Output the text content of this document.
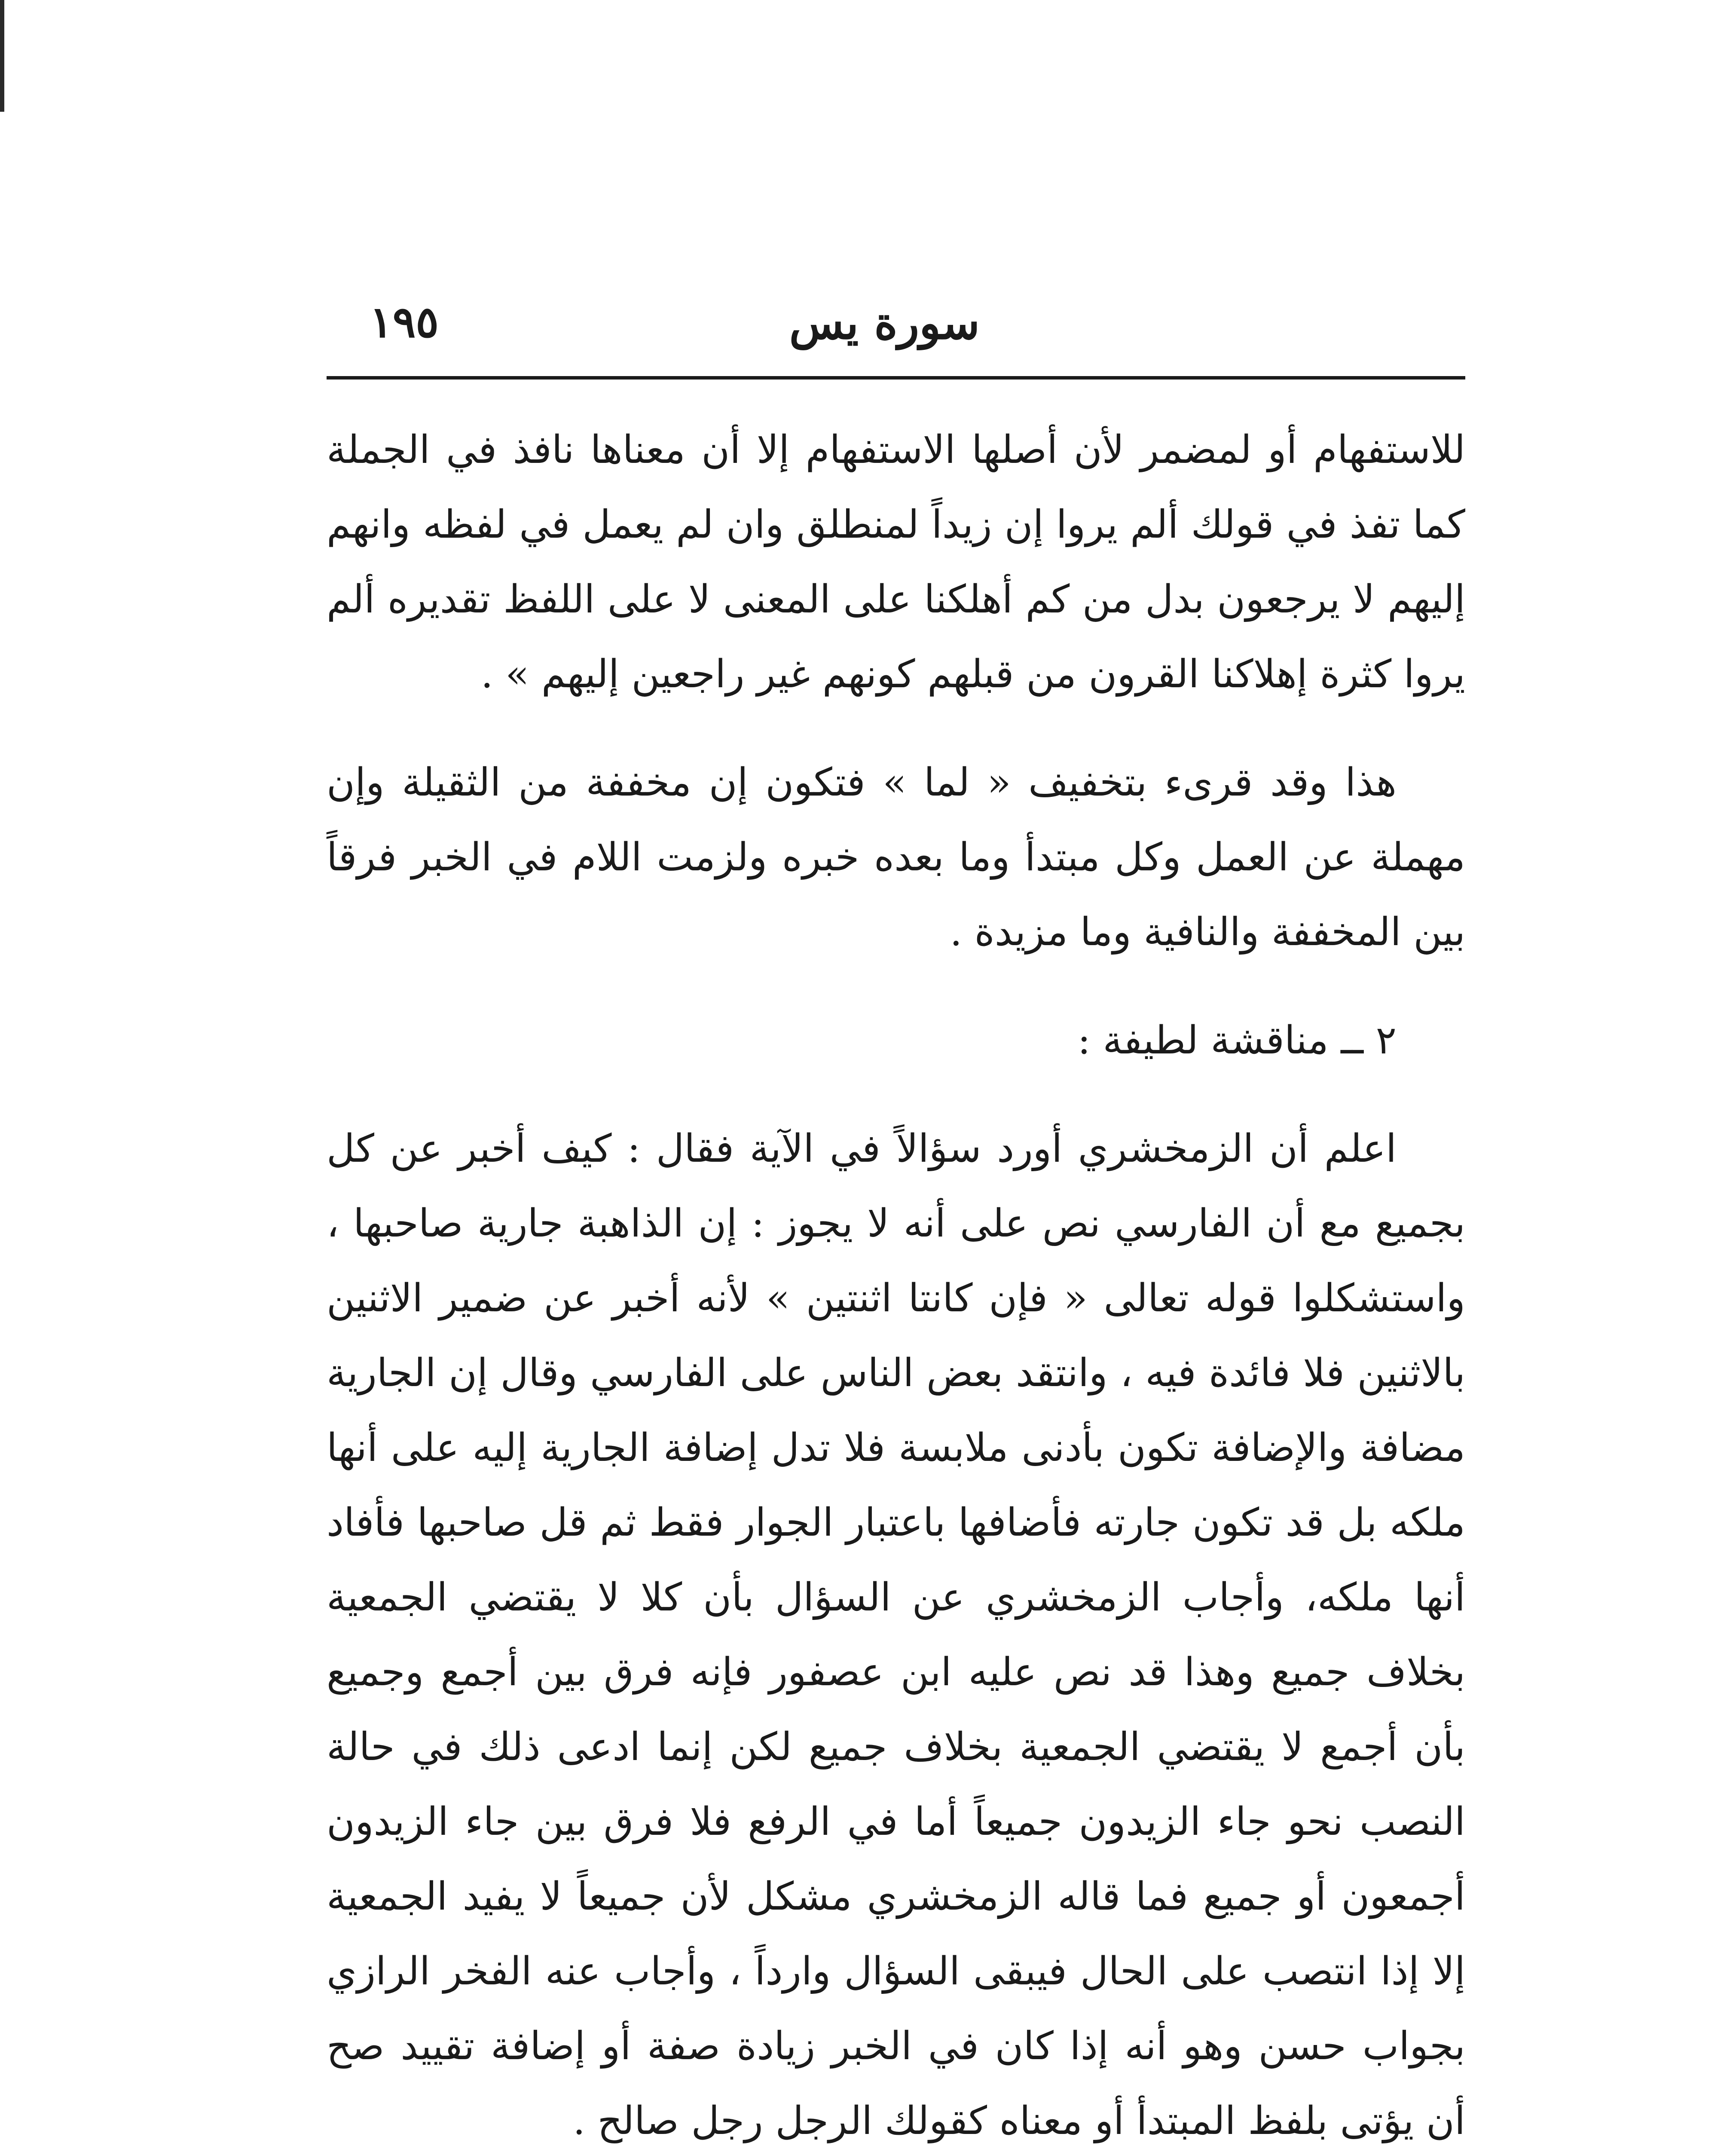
سورة يس
١٩٥

للاستفهام أو لمضمر لأن أصلها الاستفهام إلا أن معناها نافذ في الجملة كما تفذ في قولك ألم يروا إن زيداً لمنطلق وان لم يعمل في لفظه وانهم إليهم لا يرجعون بدل من كم أهلكنا على المعنى لا على اللفظ تقديره ألم يروا كثرة إهلاكنا القرون من قبلهم كونهم غير راجعين إليهم » .

هذا وقد قرىء بتخفيف « لما » فتكون إن مخففة من الثقيلة وإن مهملة عن العمل وكل مبتدأ وما بعده خبره ولزمت اللام في الخبر فرقاً بين المخففة والنافية وما مزيدة .

٢ ــ مناقشة لطيفة :

اعلم أن الزمخشري أورد سؤالاً في الآية فقال : كيف أخبر عن كل بجميع مع أن الفارسي نص على أنه لا يجوز : إن الذاهبة جارية صاحبها ، واستشكلوا قوله تعالى « فإن كانتا اثنتين » لأنه أخبر عن ضمير الاثنين بالاثنين فلا فائدة فيه ، وانتقد بعض الناس على الفارسي وقال إن الجارية مضافة والإضافة تكون بأدنى ملابسة فلا تدل إضافة الجارية إليه على أنها ملكه بل قد تكون جارته فأضافها باعتبار الجوار فقط ثم قل صاحبها فأفاد أنها ملكه، وأجاب الزمخشري عن السؤال بأن كلا لا يقتضي الجمعية بخلاف جميع وهذا قد نص عليه ابن عصفور فإنه فرق بين أجمع وجميع بأن أجمع لا يقتضي الجمعية بخلاف جميع لكن إنما ادعى ذلك في حالة النصب نحو جاء الزيدون جميعاً أما في الرفع فلا فرق بين جاء الزيدون أجمعون أو جميع فما قاله الزمخشري مشكل لأن جميعاً لا يفيد الجمعية إلا إذا انتصب على الحال فيبقى السؤال وارداً ، وأجاب عنه الفخر الرازي بجواب حسن وهو أنه إذا كان في الخبر زيادة صفة أو إضافة تقييد صح أن يؤتى بلفظ المبتدأ أو معناه كقولك الرجل رجل صالح .
